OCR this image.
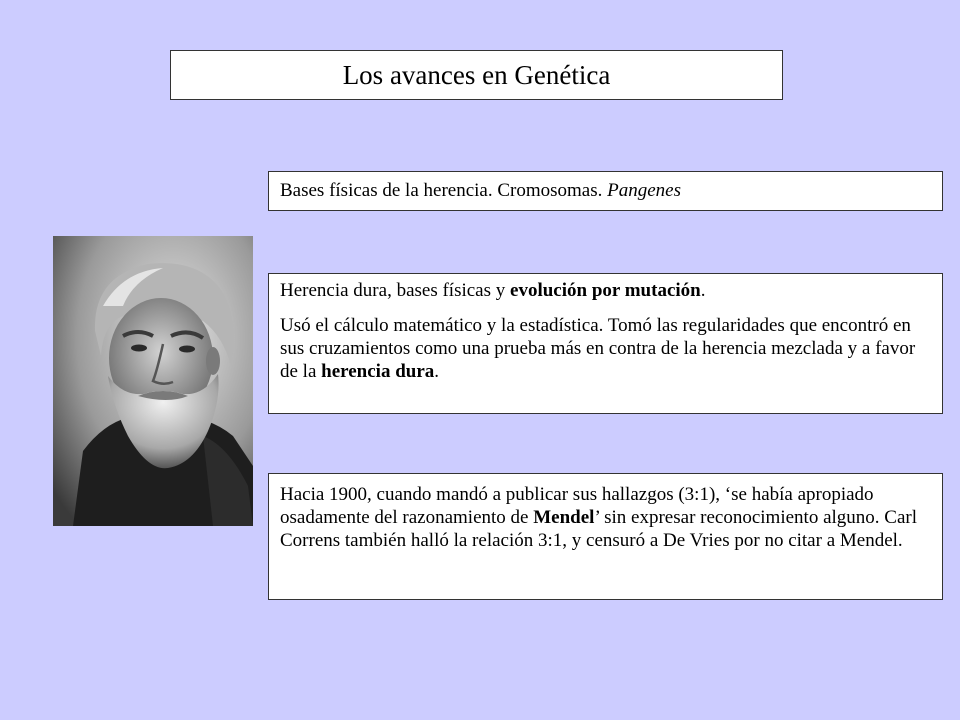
Los avances en Genética
Bases físicas de la herencia. Cromosomas. Pangenes

Herencia dura, bases físicas y evolución por mutación.

Usó el cálculo matemático y la estadística. Tomó las regularidades que encontró en sus cruzamientos como una prueba más en contra de la herencia mezclada y a favor de la herencia dura.

Hacia 1900, cuando mandó a publicar sus hallazgos (3:1), ‘se había apropiado osadamente del razonamiento de Mendel’ sin expresar reconocimiento alguno. Carl Correns también halló la relación 3:1, y censuró a De Vries por no citar a Mendel.
